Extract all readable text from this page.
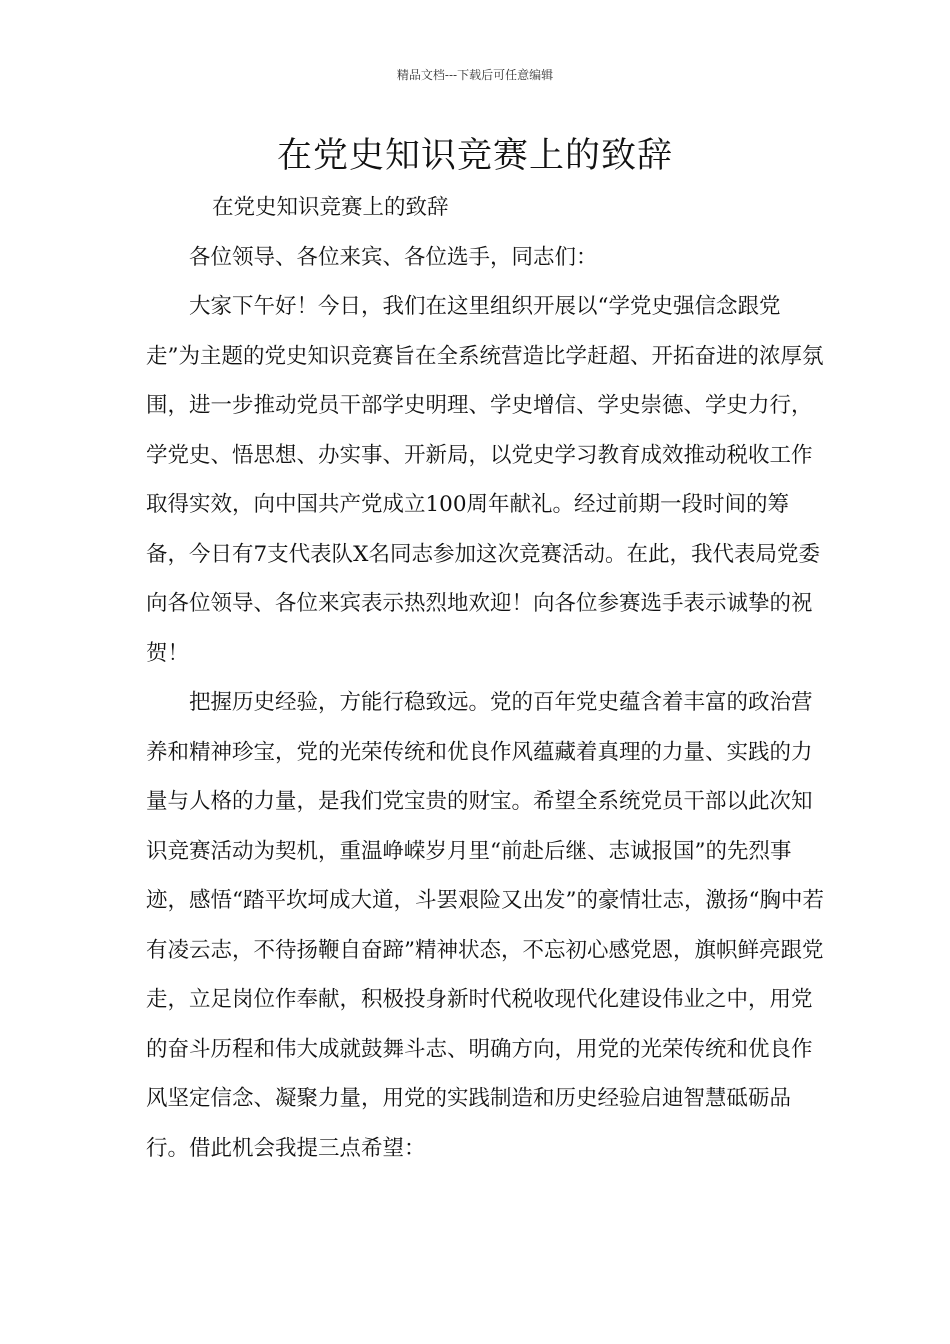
精品文档---下载后可任意编辑
在党史知识竞赛上的致辞

在党史知识竞赛上的致辞

各位领导、各位来宾、各位选手，同志们：

大家下午好！今日，我们在这里组织开展以“学党史强信念跟党走”为主题的党史知识竞赛旨在全系统营造比学赶超、开拓奋进的浓厚氛围，进一步推动党员干部学史明理、学史增信、学史崇德、学史力行，学党史、悟思想、办实事、开新局，以党史学习教育成效推动税收工作取得实效，向中国共产党成立100周年献礼。经过前期一段时间的筹备，今日有7支代表队X名同志参加这次竞赛活动。在此，我代表局党委向各位领导、各位来宾表示热烈地欢迎！向各位参赛选手表示诚挚的祝贺！

把握历史经验，方能行稳致远。党的百年党史蕴含着丰富的政治营养和精神珍宝，党的光荣传统和优良作风蕴藏着真理的力量、实践的力量与人格的力量，是我们党宝贵的财宝。希望全系统党员干部以此次知识竞赛活动为契机，重温峥嵘岁月里“前赴后继、志诚报国”的先烈事迹，感悟“踏平坎坷成大道，斗罢艰险又出发”的豪情壮志，激扬“胸中若有凌云志，不待扬鞭自奋蹄”精神状态，不忘初心感党恩，旗帜鲜亮跟党走，立足岗位作奉献，积极投身新时代税收现代化建设伟业之中，用党的奋斗历程和伟大成就鼓舞斗志、明确方向，用党的光荣传统和优良作风坚定信念、凝聚力量，用党的实践制造和历史经验启迪智慧砥砺品行。借此机会我提三点希望：
